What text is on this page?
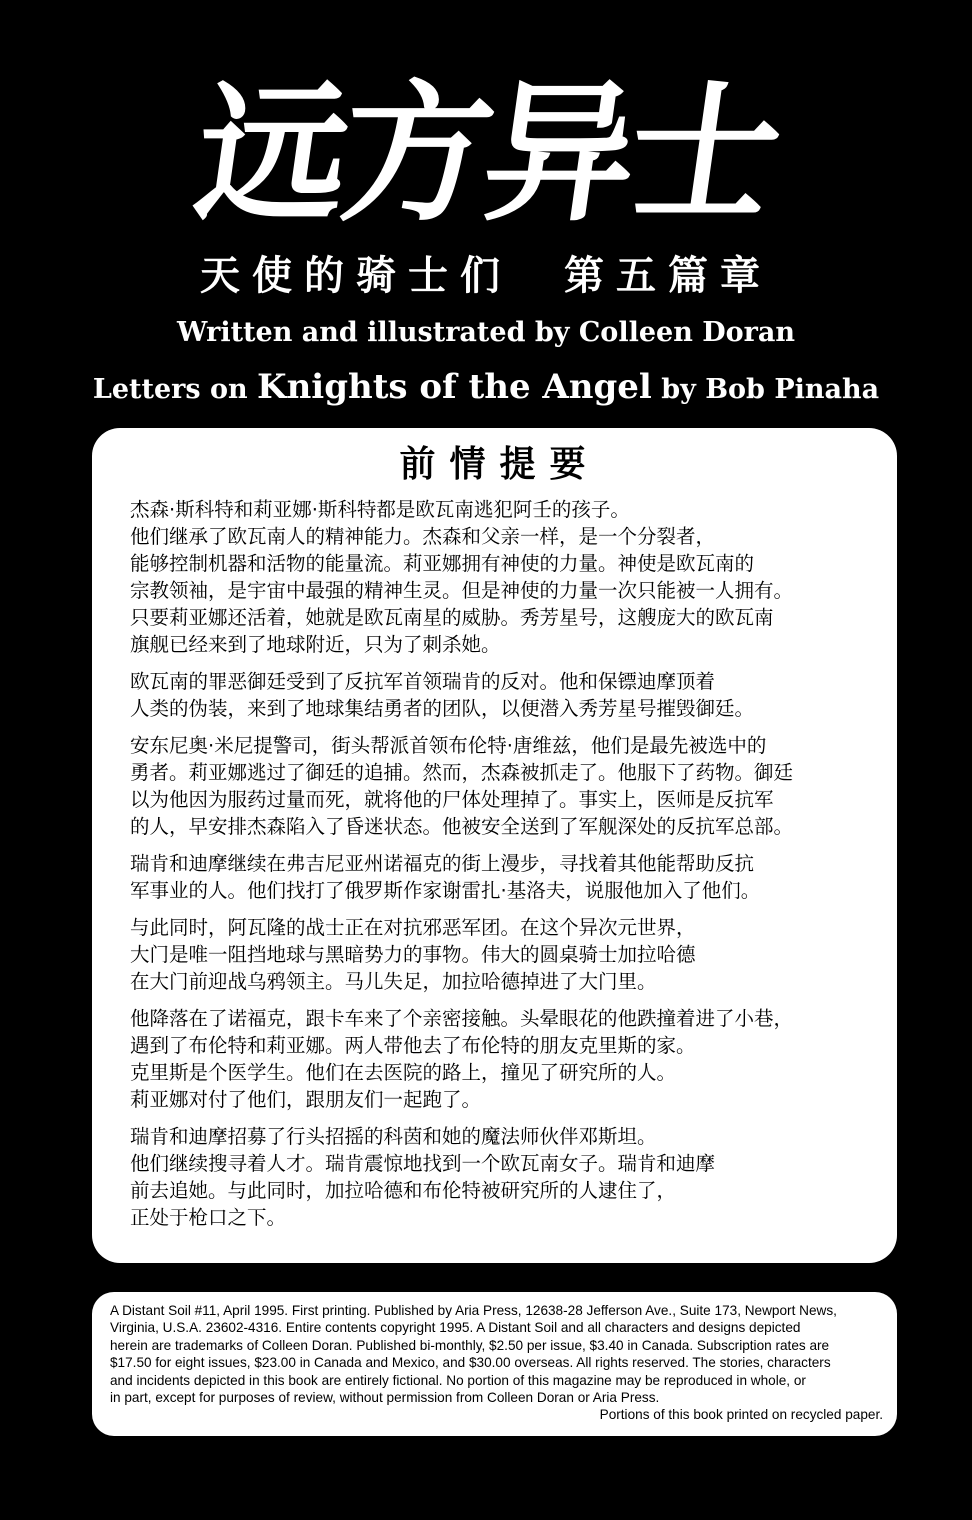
远方异士
天使的骑士们　第五篇章
Written and illustrated by Colleen Doran
Letters on Knights of the Angel by Bob Pinaha
前情提要
杰森·斯科特和莉亚娜·斯科特都是欧瓦南逃犯阿壬的孩子。
他们继承了欧瓦南人的精神能力。杰森和父亲一样，是一个分裂者，
能够控制机器和活物的能量流。莉亚娜拥有神使的力量。神使是欧瓦南的
宗教领袖，是宇宙中最强的精神生灵。但是神使的力量一次只能被一人拥有。
只要莉亚娜还活着，她就是欧瓦南星的威胁。秀芳星号，这艘庞大的欧瓦南
旗舰已经来到了地球附近，只为了刺杀她。
欧瓦南的罪恶御廷受到了反抗军首领瑞肯的反对。他和保镖迪摩顶着
人类的伪装，来到了地球集结勇者的团队，以便潜入秀芳星号摧毁御廷。
安东尼奥·米尼提警司，街头帮派首领布伦特·唐维兹，他们是最先被选中的
勇者。莉亚娜逃过了御廷的追捕。然而，杰森被抓走了。他服下了药物。御廷
以为他因为服药过量而死，就将他的尸体处理掉了。事实上，医师是反抗军
的人，早安排杰森陷入了昏迷状态。他被安全送到了军舰深处的反抗军总部。
瑞肯和迪摩继续在弗吉尼亚州诺福克的街上漫步，寻找着其他能帮助反抗
军事业的人。他们找打了俄罗斯作家谢雷扎·基洛夫，说服他加入了他们。
与此同时，阿瓦隆的战士正在对抗邪恶军团。在这个异次元世界，
大门是唯一阻挡地球与黑暗势力的事物。伟大的圆桌骑士加拉哈德
在大门前迎战乌鸦领主。马儿失足，加拉哈德掉进了大门里。
他降落在了诺福克，跟卡车来了个亲密接触。头晕眼花的他跌撞着进了小巷，
遇到了布伦特和莉亚娜。两人带他去了布伦特的朋友克里斯的家。
克里斯是个医学生。他们在去医院的路上，撞见了研究所的人。
莉亚娜对付了他们，跟朋友们一起跑了。
瑞肯和迪摩招募了行头招摇的科茵和她的魔法师伙伴邓斯坦。
他们继续搜寻着人才。瑞肯震惊地找到一个欧瓦南女子。瑞肯和迪摩
前去追她。与此同时，加拉哈德和布伦特被研究所的人逮住了，
正处于枪口之下。
A Distant Soil #11, April 1995. First printing. Published by Aria Press, 12638-28 Jefferson Ave., Suite 173, Newport News,
Virginia, U.S.A. 23602-4316. Entire contents copyright 1995. A Distant Soil and all characters and designs depicted
herein are trademarks of Colleen Doran. Published bi-monthly, $2.50 per issue, $3.40 in Canada. Subscription rates are
$17.50 for eight issues, $23.00 in Canada and Mexico, and $30.00 overseas. All rights reserved. The stories, characters
and incidents depicted in this book are entirely fictional. No portion of this magazine may be reproduced in whole, or
in part, except for purposes of review, without permission from Colleen Doran or Aria Press.
Portions of this book printed on recycled paper.
